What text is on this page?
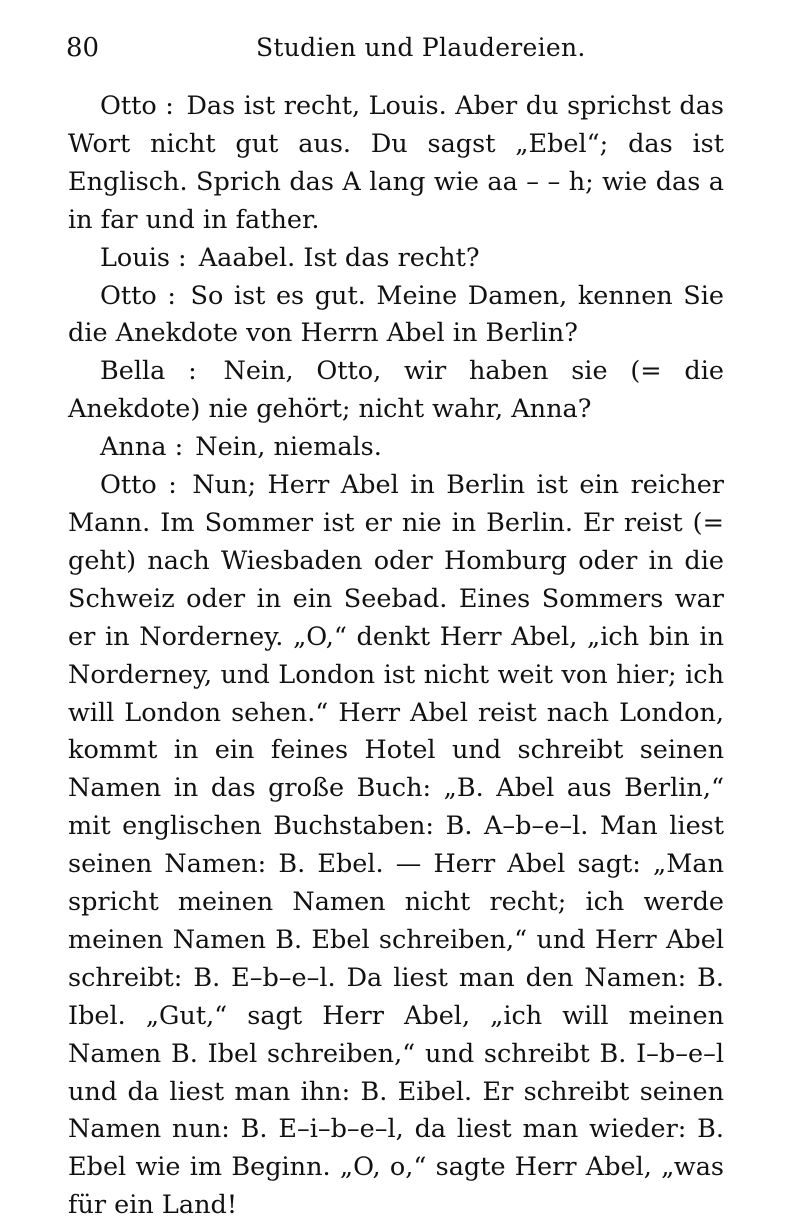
80	Studien und Plaudereien.

Otto : Das ist recht, Louis. Aber du sprichst das Wort nicht gut aus. Du sagst „Ebel“; das ist Englisch. Sprich das A lang wie aa – – h; wie das a in far und in father.

Louis : Aaabel. Ist das recht?

Otto : So ist es gut. Meine Damen, kennen Sie die Anekdote von Herrn Abel in Berlin?

Bella : Nein, Otto, wir haben sie (= die Anekdote) nie gehört; nicht wahr, Anna?

Anna : Nein, niemals.

Otto : Nun; Herr Abel in Berlin ist ein reicher Mann. Im Sommer ist er nie in Berlin. Er reist (= geht) nach Wiesbaden oder Homburg oder in die Schweiz oder in ein Seebad. Eines Sommers war er in Norderney. „O,“ denkt Herr Abel, „ich bin in Norderney, und London ist nicht weit von hier; ich will London sehen.“ Herr Abel reist nach London, kommt in ein feines Hotel und schreibt seinen Namen in das große Buch: „B. Abel aus Berlin,“ mit englischen Buchstaben: B. A–b–e–l. Man liest seinen Namen: B. Ebel. — Herr Abel sagt: „Man spricht meinen Namen nicht recht; ich werde meinen Namen B. Ebel schreiben,“ und Herr Abel schreibt: B. E–b–e–l. Da liest man den Namen: B. Ibel. „Gut,“ sagt Herr Abel, „ich will meinen Namen B. Ibel schreiben,“ und schreibt B. I–b–e–l und da liest man ihn: B. Eibel. Er schreibt seinen Namen nun: B. E–i–b–e–l, da liest man wieder: B. Ebel wie im Beginn. „O, o,“ sagte Herr Abel, „was für ein Land!
